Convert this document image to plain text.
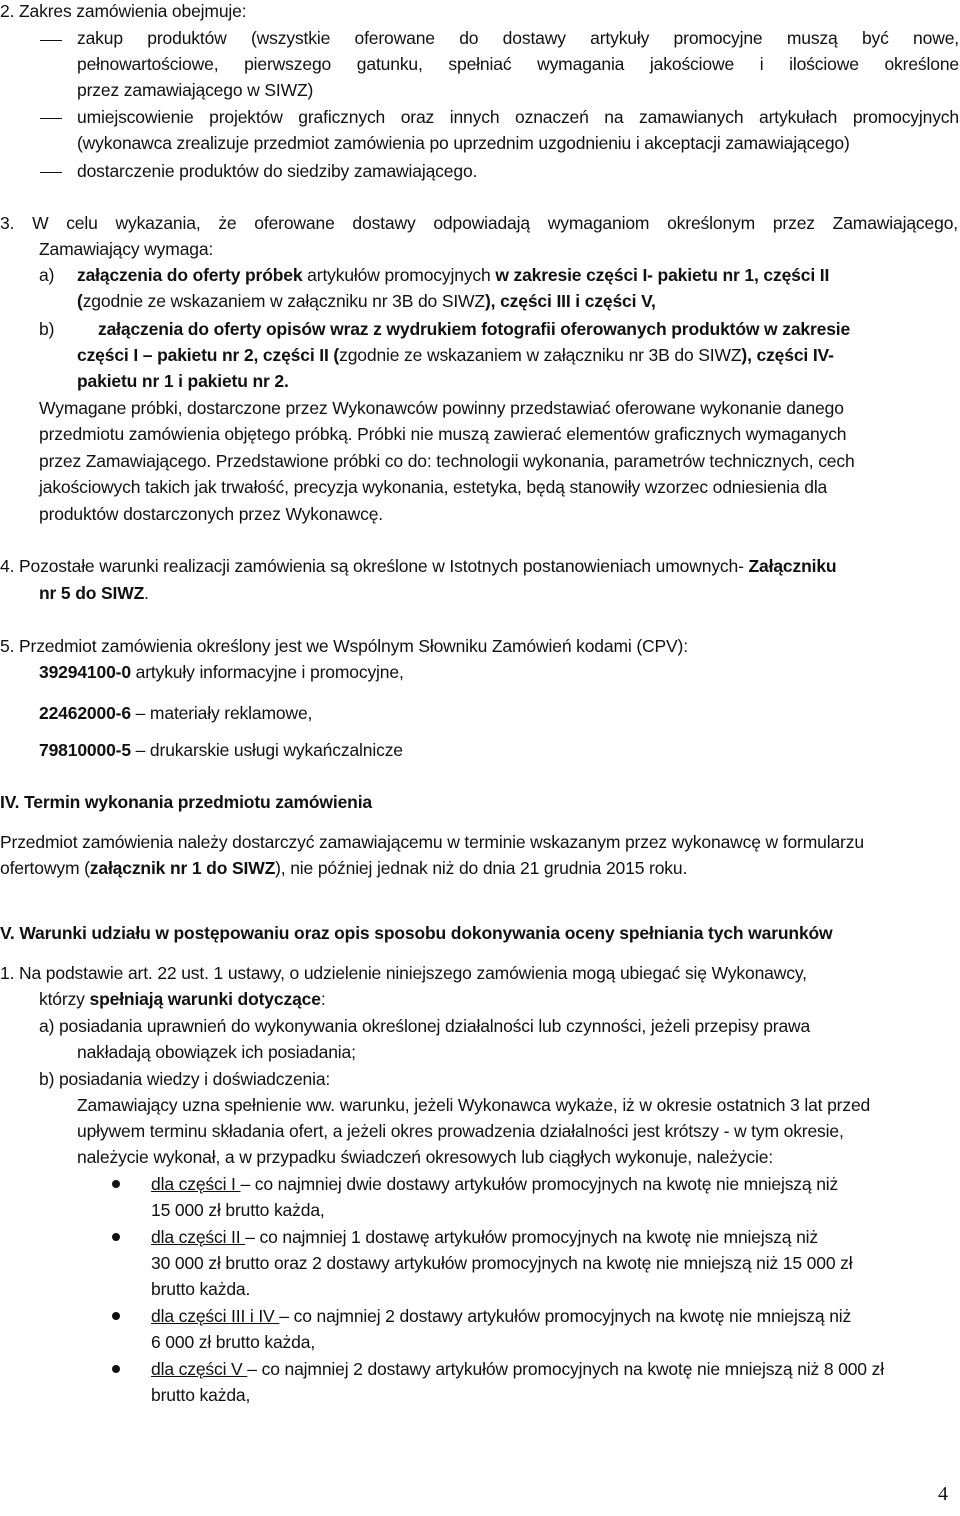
2. Zakres zamówienia obejmuje:
zakup produktów (wszystkie oferowane do dostawy artykuły promocyjne muszą być nowe,
pełnowartościowe, pierwszego gatunku, spełniać wymagania jakościowe i ilościowe określone
przez zamawiającego w SIWZ)
umiejscowienie projektów graficznych oraz innych oznaczeń na zamawianych artykułach promocyjnych
(wykonawca zrealizuje przedmiot zamówienia po uprzednim uzgodnieniu i akceptacji zamawiającego)
dostarczenie produktów do siedziby zamawiającego.
3. W celu wykazania, że oferowane dostawy odpowiadają wymaganiom określonym przez Zamawiającego,
Zamawiający wymaga:
a) załączenia do oferty próbek artykułów promocyjnych w zakresie części I- pakietu nr 1, części II
(zgodnie ze wskazaniem w załączniku nr 3B do SIWZ), części III i części V,
b) załączenia do oferty opisów wraz z wydrukiem fotografii oferowanych produktów w zakresie
części I – pakietu nr 2, części II (zgodnie ze wskazaniem w załączniku nr 3B do SIWZ), części IV-
pakietu nr 1 i pakietu nr 2.
Wymagane próbki, dostarczone przez Wykonawców powinny przedstawiać oferowane wykonanie danego
przedmiotu zamówienia objętego próbką. Próbki nie muszą zawierać elementów graficznych wymaganych
przez Zamawiającego. Przedstawione próbki co do: technologii wykonania, parametrów technicznych, cech
jakościowych takich jak trwałość, precyzja wykonania, estetyka, będą stanowiły wzorzec odniesienia dla
produktów dostarczonych przez Wykonawcę.
4. Pozostałe warunki realizacji zamówienia są określone w Istotnych postanowieniach umownych- Załączniku
nr 5 do SIWZ.
5. Przedmiot zamówienia określony jest we Wspólnym Słowniku Zamówień kodami (CPV):
39294100-0 artykuły informacyjne i promocyjne,
22462000-6 – materiały reklamowe,
79810000-5 – drukarskie usługi wykańczalnicze
IV. Termin wykonania przedmiotu zamówienia
Przedmiot zamówienia należy dostarczyć zamawiającemu w terminie wskazanym przez wykonawcę w formularzu
ofertowym (załącznik nr 1 do SIWZ), nie później jednak niż do dnia 21 grudnia 2015 roku.
V. Warunki udziału w postępowaniu oraz opis sposobu dokonywania oceny spełniania tych warunków
1. Na podstawie art. 22 ust. 1 ustawy, o udzielenie niniejszego zamówienia mogą ubiegać się Wykonawcy,
którzy spełniają warunki dotyczące:
a) posiadania uprawnień do wykonywania określonej działalności lub czynności, jeżeli przepisy prawa
nakładają obowiązek ich posiadania;
b) posiadania wiedzy i doświadczenia:
Zamawiający uzna spełnienie ww. warunku, jeżeli Wykonawca wykaże, iż w okresie ostatnich 3 lat przed
upływem terminu składania ofert, a jeżeli okres prowadzenia działalności jest krótszy - w tym okresie,
należycie wykonał, a w przypadku świadczeń okresowych lub ciągłych wykonuje, należycie:
dla części I – co najmniej dwie dostawy artykułów promocyjnych na kwotę nie mniejszą niż
15 000 zł brutto każda,
dla części II – co najmniej 1 dostawę artykułów promocyjnych na kwotę nie mniejszą niż
30 000 zł brutto oraz 2 dostawy artykułów promocyjnych na kwotę nie mniejszą niż 15 000 zł
brutto każda.
dla części III i IV – co najmniej 2 dostawy artykułów promocyjnych na kwotę nie mniejszą niż
6 000 zł brutto każda,
dla części V – co najmniej 2 dostawy artykułów promocyjnych na kwotę nie mniejszą niż 8 000 zł
brutto każda,
4
